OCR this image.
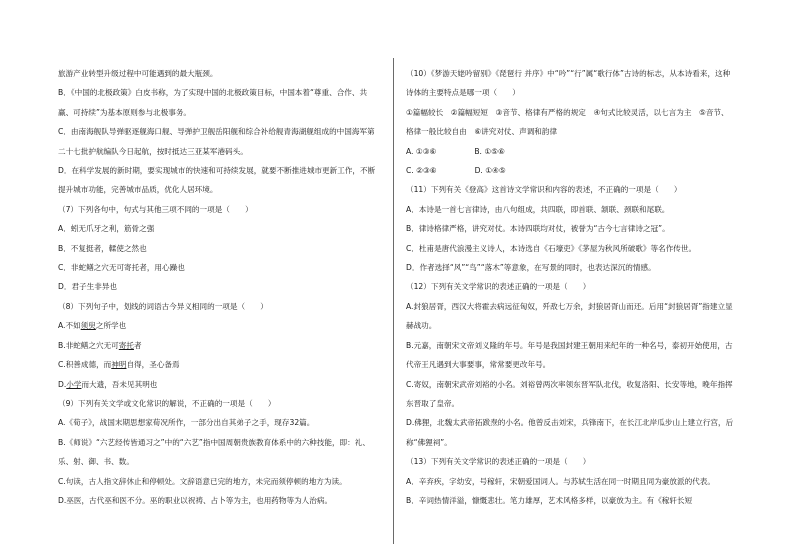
旅游产业转型升级过程中可能遇到的最大瓶颈。

B．《中国的北极政策》白皮书称，为了实现中国的北极政策目标，中国本着“尊重、合作、共赢、可持续”为基本原则参与北极事务。

C．由南海舰队导弹驱逐舰海口舰、导弹护卫舰岳阳舰和综合补给舰青海湖舰组成的中国海军第二十七批护航编队今日起航，按时抵达三亚某军港码头。

D．在科学发展的新时期，要实现城市的快速和可持续发展，就要不断推进城市更新工作，不断提升城市功能，完善城市品质，优化人居环境。

（7）下列各句中，句式与其他三项不同的一项是（　　）

A．蚓无爪牙之利，筋骨之强

B．不复挺者，輮使之然也

C．非蛇鳝之穴无可寄托者，用心躁也

D．君子生非异也

（8）下列句子中，划线的词语古今异义相同的一项是（　　）

A.不如须臾之所学也

B.非蛇鳝之穴无可寄托者

C.积善成德，而神明自得，圣心备焉

D.小学而大遗，吾未见其明也

（9）下列有关文学或文化常识的解说，不正确的一项是（　　）

A.《荀子》，战国末期思想家荀况所作，一部分出自其弟子之手，现存32篇。

B.《师说》“六艺经传皆通习之”中的“六艺”指中国周朝贵族教育体系中的六种技能，即：礼、乐、射、御、书、数。

C.句读，古人指文辞休止和停顿处。文辞语意已完的地方，未完而须停顿的地方为读。

D.巫医，古代巫和医不分。巫的职业以祝祷、占卜等为主，也用药物等为人治病。

（10）《梦游天姥吟留别》《琵琶行 并序》中“吟”“行”属“歌行体”古诗的标志，从本诗看来，这种诗体的主要特点是哪一项（　　）

①篇幅较长　②篇幅短短　③音节、格律有严格的规定　④句式比较灵活，以七言为主　⑤音节、

格律一般比较自由　⑥讲究对仗、声调和韵律

A. ①③⑥	B. ①⑤⑥

C. ②③⑥	D. ①④⑤

（11）下列有关《登高》这首诗文学常识和内容的表述，不正确的一项是（　　）

A．本诗是一首七言律诗，由八句组成，共四联，即首联、颔联、颈联和尾联。

B．律诗格律严格，讲究对仗。本诗四联均对仗，被誉为“古今七言律诗之冠”。

C．杜甫是唐代浪漫主义诗人，本诗选自《石壕吏》《茅屋为秋风所破歌》等名作传世。

D．作者选择“风”“鸟”“落木”等意象，在写景的同时，也表达深沉的情感。

（12）下列有关文学常识的表述正确的一项是（　　）

A.封狼居胥，西汉大将霍去病远征匈奴，歼敌七万余，封狼居胥山而还。后用“封狼居胥”指建立显赫战功。

B.元嘉，南朝宋文帝刘义隆的年号。年号是我国封建王朝用来纪年的一种名号，泰初开始使用，古代帝王凡遇到大事要事，常常要更改年号。

C.寄奴，南朝宋武帝刘裕的小名。刘裕曾两次率领东晋军队北伐，收复洛阳、长安等地，晚年指挥东晋取了皇帝。

D.佛狸，北魏太武帝拓跋焘的小名。他曾反击刘宋，兵锋南下，在长江北岸瓜步山上建立行宫，后称“佛狸祠”。

（13）下列有关文学常识的表述正确的一项是（　　）

A．辛弃疾，字幼安，号稼轩，宋朝爱国词人。与苏轼生活在同一时期且同为豪放派的代表。

B．辛词热情洋溢，慷慨悲壮。笔力雄厚，艺术风格多样，以豪放为主。有《稼轩长短
